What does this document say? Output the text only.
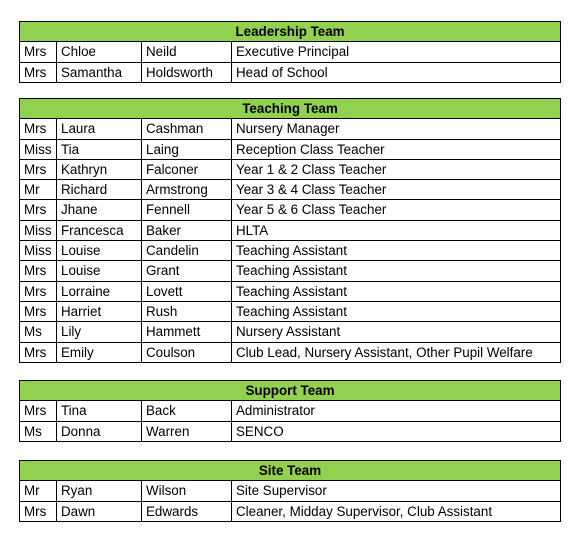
Leadership Team			
Mrs	Chloe	Neild	Executive Principal
Mrs	Samantha	Holdsworth	Head of School
Teaching Team			
Mrs	Laura	Cashman	Nursery Manager
Miss	Tia	Laing	Reception Class Teacher
Mrs	Kathryn	Falconer	Year 1 & 2 Class Teacher
Mr	Richard	Armstrong	Year 3 & 4 Class Teacher
Mrs	Jhane	Fennell	Year 5 & 6 Class Teacher
Miss	Francesca	Baker	HLTA
Miss	Louise	Candelin	Teaching Assistant
Mrs	Louise	Grant	Teaching Assistant
Mrs	Lorraine	Lovett	Teaching Assistant
Mrs	Harriet	Rush	Teaching Assistant
Ms	Lily	Hammett	Nursery Assistant
Mrs	Emily	Coulson	Club Lead, Nursery Assistant, Other Pupil Welfare
Support Team			
Mrs	Tina	Back	Administrator
Ms	Donna	Warren	SENCO
Site Team			
Mr	Ryan	Wilson	Site Supervisor
Mrs	Dawn	Edwards	Cleaner, Midday Supervisor, Club Assistant
